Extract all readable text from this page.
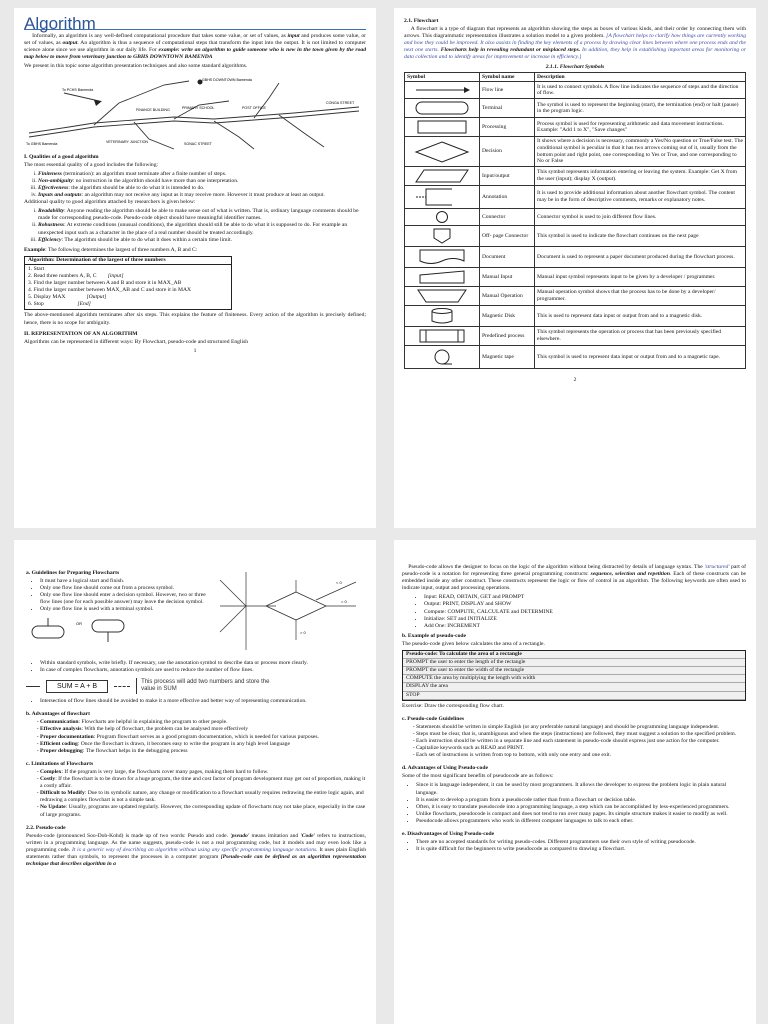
Algorithm

Informally, an algorithm is any well-defined computational procedure that takes some value, or set of values, as input and produces some value, or set of values, as output. An algorithm is thus a sequence of computational steps that transform the input into the output. It is not limited to computer science alone since we use algorithm in our daily life. For example: write an algorithm to guide someone who is new in the town given by the road map below to move from veterinary junction to GBHS DOWNTOWN BAMENDA

We present in this topic some algorithm presentation techniques and also some standard algorithms.

GBHS DOWNTOWN Bamenda
To PCHS Bamenda
FINANCE BUILDING	PRIMARY SCHOOL	POST OFFICE
CONGA STREET
To GBHS Bamenda	VETERINARY JUNCTION	SONAC STREET
I. Qualities of a good algorithm

The most essential quality of a good includes the following:

i. Finiteness (termination): an algorithm must terminate after a finite number of steps.
ii. Non-ambiguity: no instruction in the algorithm should have more than one interpretation.
iii. Effectiveness: the algorithm should be able to do what it is intended to do.
iv. Inputs and outputs: an algorithm may not receive any input as it may receive more. However it must produce at least an output.

Additional quality to good algorithm attached by researchers is given below:

i. Readability: Anyone reading the algorithm should be able to make sense out of what is written. That is, ordinary language comments should be made for corresponding pseudo-code. Pseudo-code object should have meaningful identifier names.
ii. Robustness: At extreme conditions (unusual conditions), the algorithm should still be able to do what it is supposed to do. For example an unexpected input such as a character in the place of a real number should be treated accordingly.
iii. Efficiency: The algorithm should be able to do what it does within a certain time limit.

Example: The following determines the largest of three numbers A, B and C:

Algorithm: Determination of the largest of three numbers
1. Start
2. Read three numbers A, B, C [input]
3. Find the larger number between A and B and store it in MAX_AB
4. Find the larger number between MAX_AB and C and store it in MAX
5. Display MAX	[Output]
6. Stop	[End]

The above-mentioned algorithm terminates after six steps. This explains the feature of finiteness. Every action of the algorithm is precisely defined; hence, there is no scope for ambiguity.

II. REPRESENTATION OF AN ALGORITHM

Algorithms can be represented in different ways: By Flowchart, pseudo-code and structured English

1
2.1. Flowchart

A flowchart is a type of diagram that represents an algorithm showing the steps as boxes of various kinds, and their order by connecting them with arrows. This diagrammatic representation illustrates a solution model to a given problem. [A flowchart helps to clarify how things are currently working and how they could be improved. It also assists in finding the key elements of a process by drawing clear lines between where one process ends and the next one starts. Flowcharts help in revealing redundant or misplaced steps. In addition, they help in establishing important areas for monitoring or data collection and to identify areas for improvement or increase in efficiency.]

2.1.1. Flowchart Symbols
Symbol	Symbol name	Description

	Flow line	It is used to connect symbols. A flow line indicates the sequence of steps and the direction of flow.

	Terminal	The symbol is used to represent the beginning (start), the termination (end) or halt (pause) in the program logic.

	Processing	Process symbol is used for representing arithmetic and data movement instructions. Example: "Add 1 to X", "Save changes"

	Decision	It shows where a decision is necessary, commonly a Yes/No question or True/False test. The conditional symbol is peculiar in that it has two arrows coming out of it, usually from the bottom point and right point, one corresponding to Yes or True, and one corresponding to No or False

	Input/output	This symbol represents information entering or leaving the system. Example: Get X from the user (input); display X (output).

	Annotation	It is used to provide additional information about another flowchart symbol. The content may be in the form of descriptive comments, remarks or explanatory notes.

	Connector	Connector symbol is used to join different flow lines.

	Off- page Connector	This symbol is used to indicate the flowchart continues on the next page

	Document	Document is used to represent a paper document produced during the flowchart process.

	Manual Input	Manual input symbol represents input to be given by a developer / programmer.

	Manual Operation	Manual operation symbol shows that the process has to be done by a developer/ programmer.

	Magnetic Disk	This is used to represent data input or output from and to a magnetic disk.

	Predefined process	This symbol represents the operation or process that has been previously specified elsewhere.

	Magnetic tape	This symbol is used to represent data input or output from and to a magnetic tape.
2
a. Guidelines for Preparing Flowcharts
• It must have a logical start and finish.
• Only one flow line should come out from a process symbol.
• Only one flow line should enter a decision symbol. However, two or three flow lines (one for each possible answer) may leave the decision symbol.
• Only one flow line is used with a terminal symbol.
OR
< 0
= 0
> 0
• Within standard symbols, write briefly. If necessary, use the annotation symbol to describe data or process more clearly.
• In case of complex flowcharts, annotation symbols are used to reduce the number of flow lines.
SUM = A + B
This process will add two numbers and store the value in SUM
• Intersection of flow lines should be avoided to make it a more effective and better way of representing communication.
b. Advantages of flowchart
- Communication: Flowcharts are helpful in explaining the program to other people.
- Effective analysis: With the help of flowchart, the problem can be analysed more effectively
- Proper documentation: Program flowchart serves as a good program documentation, which is needed for various purposes.
- Efficient coding: Once the flowchart is drawn, it becomes easy to write the program in any high level language
- Proper debugging: The flowchart helps in the debugging process
c. Limitations of Flowcharts
- Complex: If the program is very large, the flowcharts cover many pages, making them hard to follow.
- Costly: If the flowchart is to be drawn for a huge program, the time and cost factor of program development may get out of proportion, making it a costly affair.
- Difficult to Modify: Due to its symbolic nature, any change or modification to a flowchart usually requires redrawing the entire logic again, and redrawing a complex flowchart is not a simple task.
- No Update: Usually, programs are updated regularly. However, the corresponding update of flowcharts may not take place, especially in the case of large programs.
2.2. Pseudo-code

Pseudo-code (pronounced Soo-Doh-Kohd) is made up of two words: Pseudo and code. 'pseudo' means imitation and 'Code' refers to instructions, written in a programming language. As the name suggests, pseudo-code is not a real programming code, but it models and may even look like a programming code. It is a generic way of describing an algorithm without using any specific programming language notations. It uses plain English statements rather than symbols, to represent the processes in a computer program [Pseudo-code can be defined as an algorithm representation technique that describes algorithm in a

Pseudo-code allows the designer to focus on the logic of the algorithm without being distracted by details of language syntax. The 'structured' part of pseudo-code is a notation for representing three general programming constructs: sequence, selection and repetition. Each of these constructs can be embedded inside any other construct. These constructs represent the logic or flow of control in an algorithm. The following keywords are often used to indicate input, output and processing operations.

• Input: READ, OBTAIN, GET and PROMPT
• Output: PRINT, DISPLAY and SHOW
• Compute: COMPUTE, CALCULATE and DETERMINE
• Initialize: SET and INITIALIZE
• Add One: INCREMENT
b. Example of pseudo-code

The pseudo-code given below calculates the area of a rectangle.

Pseudo-code: To calculate the area of a rectangle
PROMPT the user to enter the length of the rectangle
PROMPT the user to enter the width of the rectangle
COMPUTE the area by multiplying the length with width
DISPLAY the area
STOP

Exercise: Draw the corresponding flow chart.

c. Pseudo-code Guidelines
- Statements should be written in simple English (or any preferable natural language) and should be programming language independent.
- Steps must be clear, that is, unambiguous and when the steps (instructions) are followed, they must suggest a solution to the specified problem.
- Each instruction should be written in a separate line and each statement in pseudo-code should express just one action for the computer.
- Capitalize keywords such as READ and PRINT.
- Each set of instructions is written from top to bottom, with only one entry and one exit.
d. Advantages of Using Pseudo-code

Some of the most significant benefits of pseudocode are as follows:

• Since it is language independent, it can be used by most programmers. It allows the developer to express the problem logic in plain natural language.
• It is easier to develop a program from a pseudocode rather than from a flowchart or decision table.
• Often, it is easy to translate pseudocode into a programming language, a step which can be accomplished by less-experienced programmers.
• Unlike flowcharts, pseudocode is compact and does not tend to run over many pages. Its simple structure makes it easier to modify as well.
• Pseudocode allows programmers who work in different computer languages to talk to each other.
e. Disadvantages of Using Pseudo-code
• There are no accepted standards for writing pseudo-codes. Different programmers use their own style of writing pseudocode.
• It is quite difficult for the beginners to write pseudocode as compared to drawing a flowchart.
